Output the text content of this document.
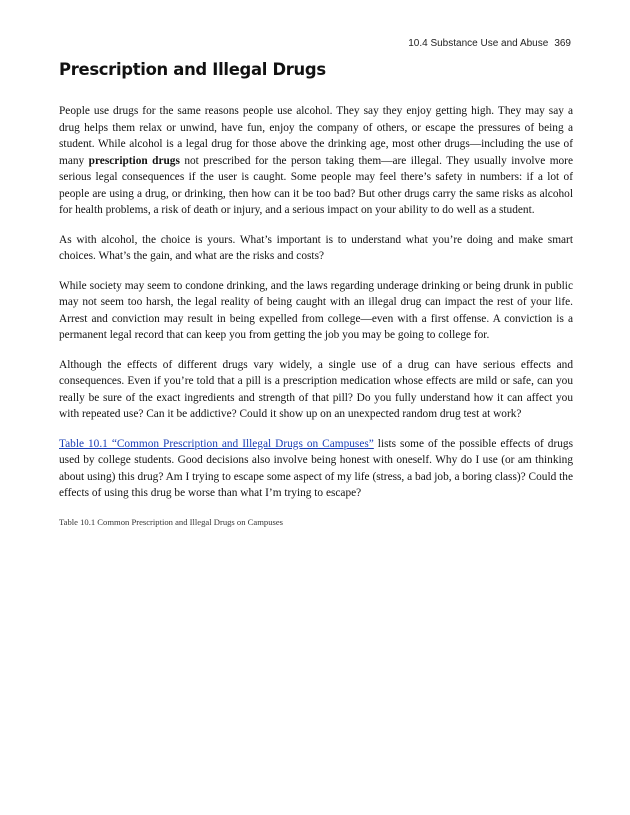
10.4 Substance Use and Abuse 369
Prescription and Illegal Drugs

People use drugs for the same reasons people use alcohol. They say they enjoy getting high. They may say a drug helps them relax or unwind, have fun, enjoy the company of others, or escape the pressures of being a student. While alcohol is a legal drug for those above the drinking age, most other drugs—including the use of many prescription drugs not prescribed for the person taking them—are illegal. They usually involve more serious legal consequences if the user is caught. Some people may feel there’s safety in numbers: if a lot of people are using a drug, or drinking, then how can it be too bad? But other drugs carry the same risks as alcohol for health problems, a risk of death or injury, and a serious impact on your ability to do well as a student.

As with alcohol, the choice is yours. What’s important is to understand what you’re doing and make smart choices. What’s the gain, and what are the risks and costs?

While society may seem to condone drinking, and the laws regarding underage drinking or being drunk in public may not seem too harsh, the legal reality of being caught with an illegal drug can impact the rest of your life. Arrest and conviction may result in being expelled from college—even with a first offense. A conviction is a permanent legal record that can keep you from getting the job you may be going to college for.

Although the effects of different drugs vary widely, a single use of a drug can have serious effects and consequences. Even if you’re told that a pill is a prescription medication whose effects are mild or safe, can you really be sure of the exact ingredients and strength of that pill? Do you fully understand how it can affect you with repeated use? Can it be addictive? Could it show up on an unexpected random drug test at work?

Table 10.1 “Common Prescription and Illegal Drugs on Campuses” lists some of the possible effects of drugs used by college students. Good decisions also involve being honest with oneself. Why do I use (or am thinking about using) this drug? Am I trying to escape some aspect of my life (stress, a bad job, a boring class)? Could the effects of using this drug be worse than what I’m trying to escape?

Table 10.1 Common Prescription and Illegal Drugs on Campuses
